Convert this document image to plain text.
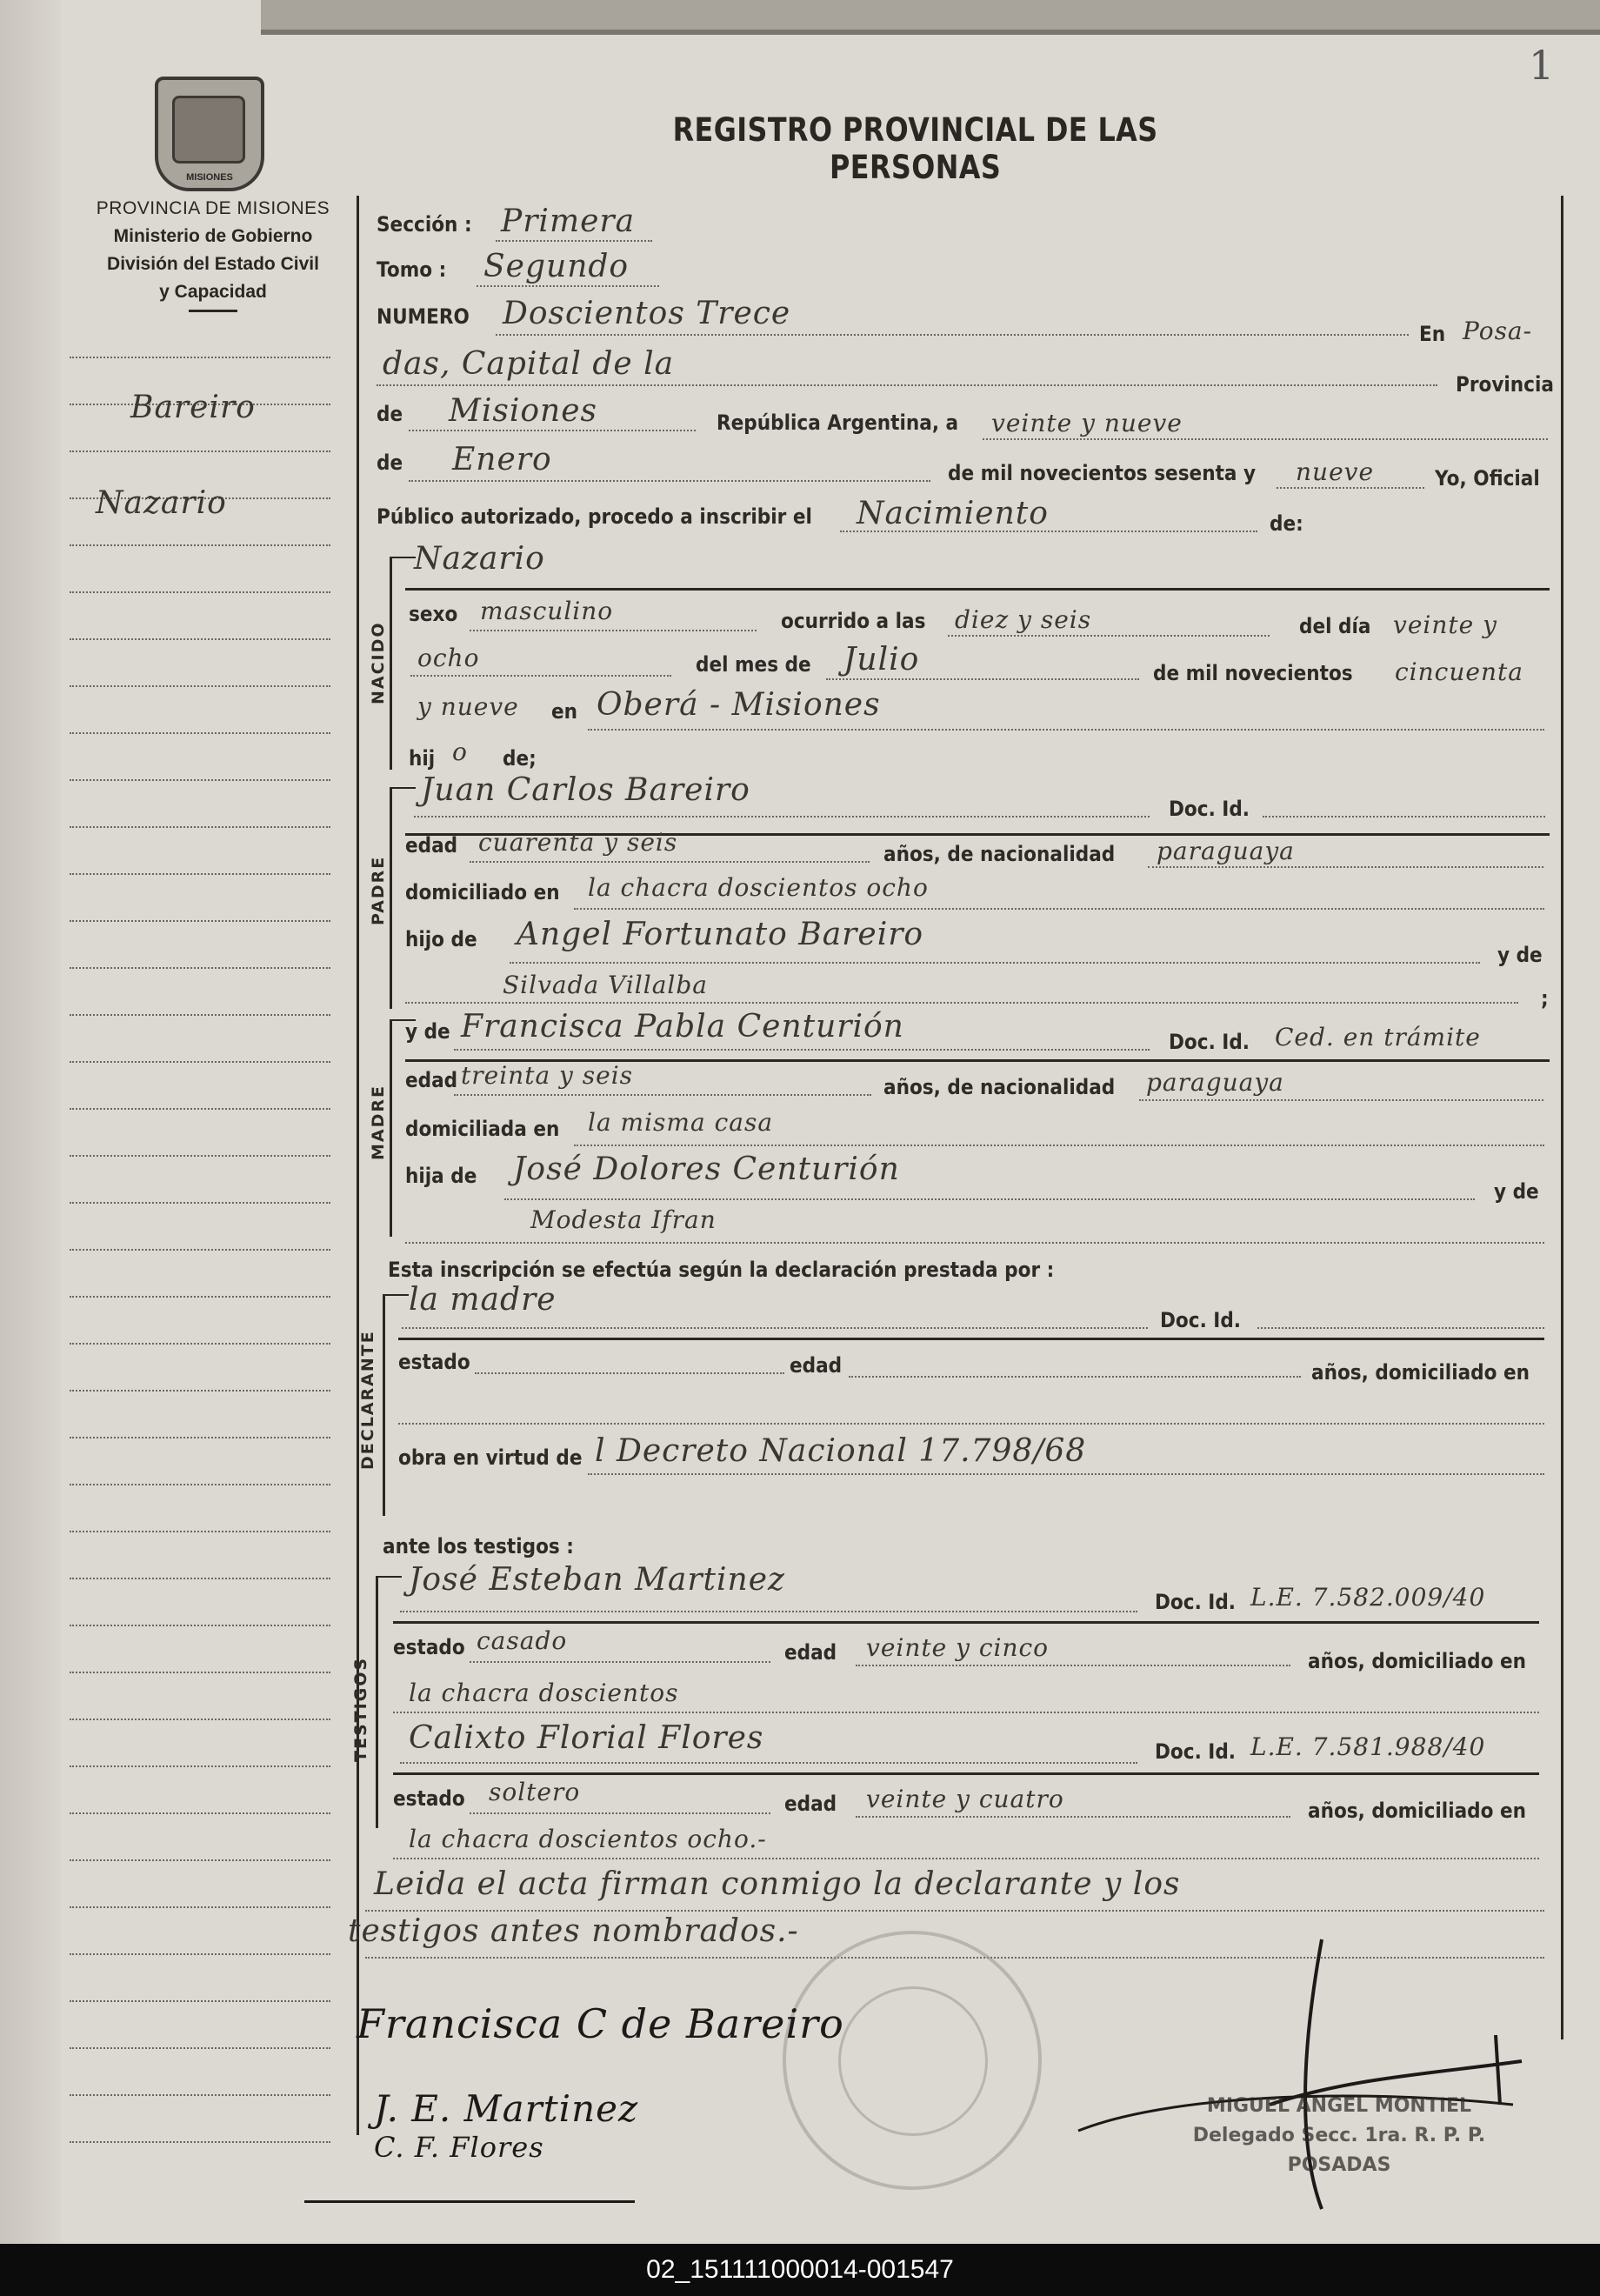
1
MISIONES
PROVINCIA DE MISIONES
Ministerio de Gobierno
División del Estado Civil
y Capacidad
REGISTRO PROVINCIAL DE LAS PERSONAS
Bareiro
Nazario
Sección : Primera
Tomo : Segundo
NUMERO Doscientos Trece
En Posa-
das, Capital de la
Provincia
de Misiones	República Argentina, a veinte y nueve
de Enero	de mil novecientos sesenta y nueve	Yo, Oficial
Público autorizado, procedo a inscribir el Nacimiento	de:
NACIDO
Nazario
sexo masculino	ocurrido a las diez y seis	del día veinte y
ocho	del mes de Julio	de mil novecientos cincuenta
y nueve en Oberá - Misiones
hij o de;
PADRE
Juan Carlos Bareiro
Doc. Id.
edad cuarenta y seis	años, de nacionalidad paraguaya
domiciliado en la chacra doscientos ocho
hijo de Angel Fortunato Bareiro
y de
Silvada Villalba	;
MADRE
y de Francisca Pabla Centurión	Doc. Id. Ced. en trámite
edad treinta y seis	años, de nacionalidad paraguaya
domiciliada en la misma casa
hija de José Dolores Centurión
y de
Modesta Ifran
Esta inscripción se efectúa según la declaración prestada por :
DECLARANTE
la madre
Doc. Id.
estado	edad	años, domiciliado en
obra en virtud de l Decreto Nacional 17.798/68
ante los testigos :
TESTIGOS
José Esteban Martinez
Doc. Id. L.E. 7.582.009/40
estado casado	edad veinte y cinco	años, domiciliado en
la chacra doscientos
Calixto Florial Flores	Doc. Id. L.E. 7.581.988/40
estado soltero	edad veinte y cuatro	años, domiciliado en
la chacra doscientos ocho.-
Leida el acta firman conmigo la declarante y los
testigos antes nombrados.-
Francisca C de Bareiro
J. E. Martinez
C. F. Flores
MIGUEL ANGEL MONTIEL
Delegado Secc. 1ra. R. P. P.
POSADAS
02_151111000014-001547
